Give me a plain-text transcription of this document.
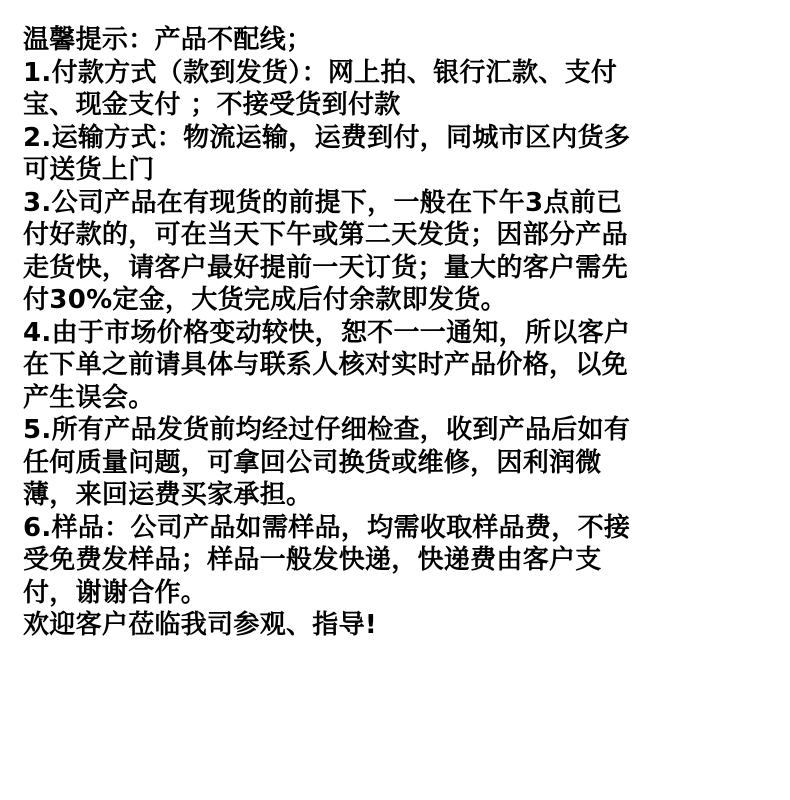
温馨提示：产品不配线；
1.付款方式（款到发货）：网上拍、银行汇款、支付
宝、现金支付 ；不接受货到付款
2.运输方式：物流运输，运费到付，同城市区内货多
可送货上门
3.公司产品在有现货的前提下，一般在下午3点前已
付好款的，可在当天下午或第二天发货；因部分产品
走货快，请客户最好提前一天订货；量大的客户需先
付30%定金，大货完成后付余款即发货。
4.由于市场价格变动较快，恕不一一通知，所以客户
在下单之前请具体与联系人核对实时产品价格，以免
产生误会。
5.所有产品发货前均经过仔细检查，收到产品后如有
任何质量问题，可拿回公司换货或维修，因利润微
薄，来回运费买家承担。
6.样品：公司产品如需样品，均需收取样品费，不接
受免费发样品；样品一般发快递，快递费由客户支
付，谢谢合作。
欢迎客户莅临我司参观、指导!
